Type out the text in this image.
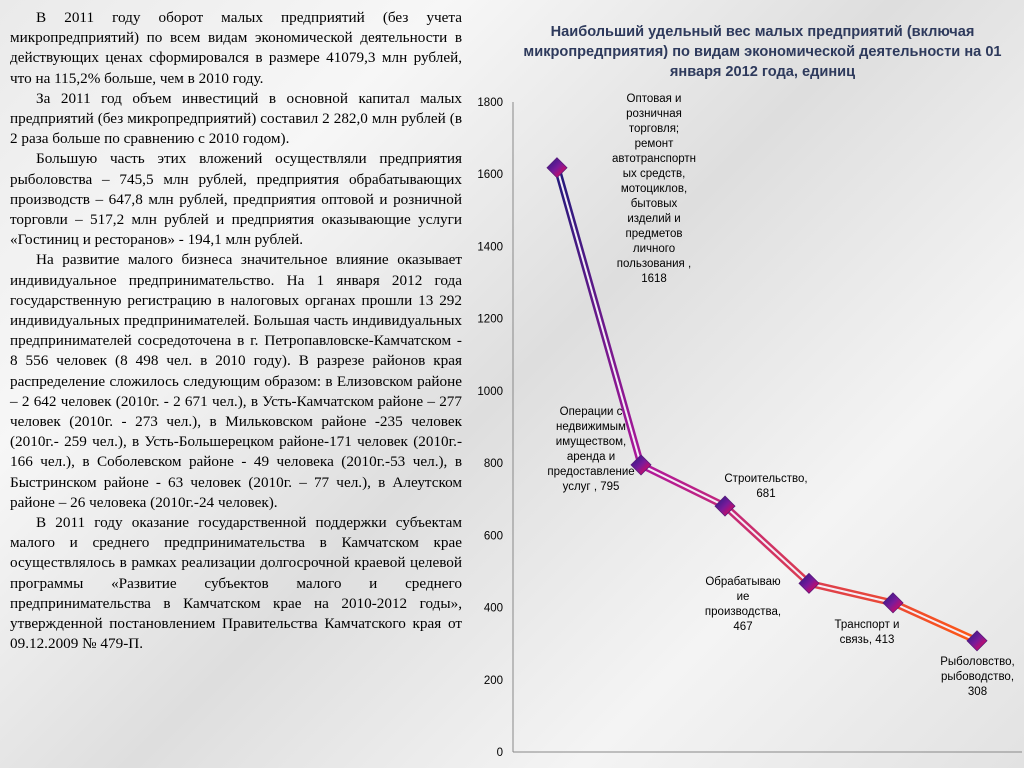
В 2011 году оборот малых предприятий (без учета микропредприятий) по всем видам экономической деятельности в действующих ценах сформировался в размере 41079,3 млн рублей, что на 115,2% больше, чем в 2010 году.

За 2011 год объем инвестиций в основной капитал малых предприятий (без микропредприятий) составил 2 282,0 млн рублей (в 2 раза больше по сравнению с 2010 годом).

Большую часть этих вложений осуществляли предприятия рыболовства – 745,5 млн рублей, предприятия обрабатывающих производств – 647,8 млн рублей, предприятия оптовой и розничной торговли – 517,2 млн рублей и предприятия оказывающие услуги «Гостиниц и ресторанов» - 194,1 млн рублей.

На развитие малого бизнеса значительное влияние оказывает индивидуальное предпринимательство. На 1 января 2012 года государственную регистрацию в налоговых органах прошли 13 292 индивидуальных предпринимателей. Большая часть индивидуальных предпринимателей сосредоточена в г. Петропавловске-Камчатском - 8 556 человек (8 498 чел. в 2010 году). В разрезе районов края распределение сложилось следующим образом: в Елизовском районе – 2 642 человек (2010г. - 2 671 чел.), в Усть-Камчатском районе – 277 человек (2010г. - 273 чел.), в Мильковском районе -235 человек (2010г.- 259 чел.), в Усть-Большерецком районе-171 человек (2010г.- 166 чел.), в Соболевском районе - 49 человека (2010г.-53 чел.), в Быстринском районе - 63 человек (2010г. – 77 чел.), в Алеутском районе – 26 человека (2010г.-24 человек).

В 2011 году оказание государственной поддержки субъектам малого и среднего предпринимательства в Камчатском крае осуществлялось в рамках реализации долгосрочной краевой целевой программы «Развитие субъектов малого и среднего предпринимательства в Камчатском крае на 2010-2012 годы», утвержденной постановлением Правительства Камчатского края от 09.12.2009 № 479-П.

Наибольший удельный вес малых предприятий (включая микропредприятия) по видам экономической деятельности на 01 января 2012 года, единиц
0
200
400
600
800
1000
1200
1400
1600
1800	Оптовая и
розничная
торговля;
ремонт
автотранспортн
ых средств,
мотоциклов,
бытовых
изделий и
предметов
личного
пользования ,
1618
Операции с
недвижимым
имуществом,
аренда и
предоставление
услуг , 795
Строительство,
681
Обрабатываю
ие
производства,
467	Транспорт и
связь, 413
Рыболовство,
рыбоводство,
308
